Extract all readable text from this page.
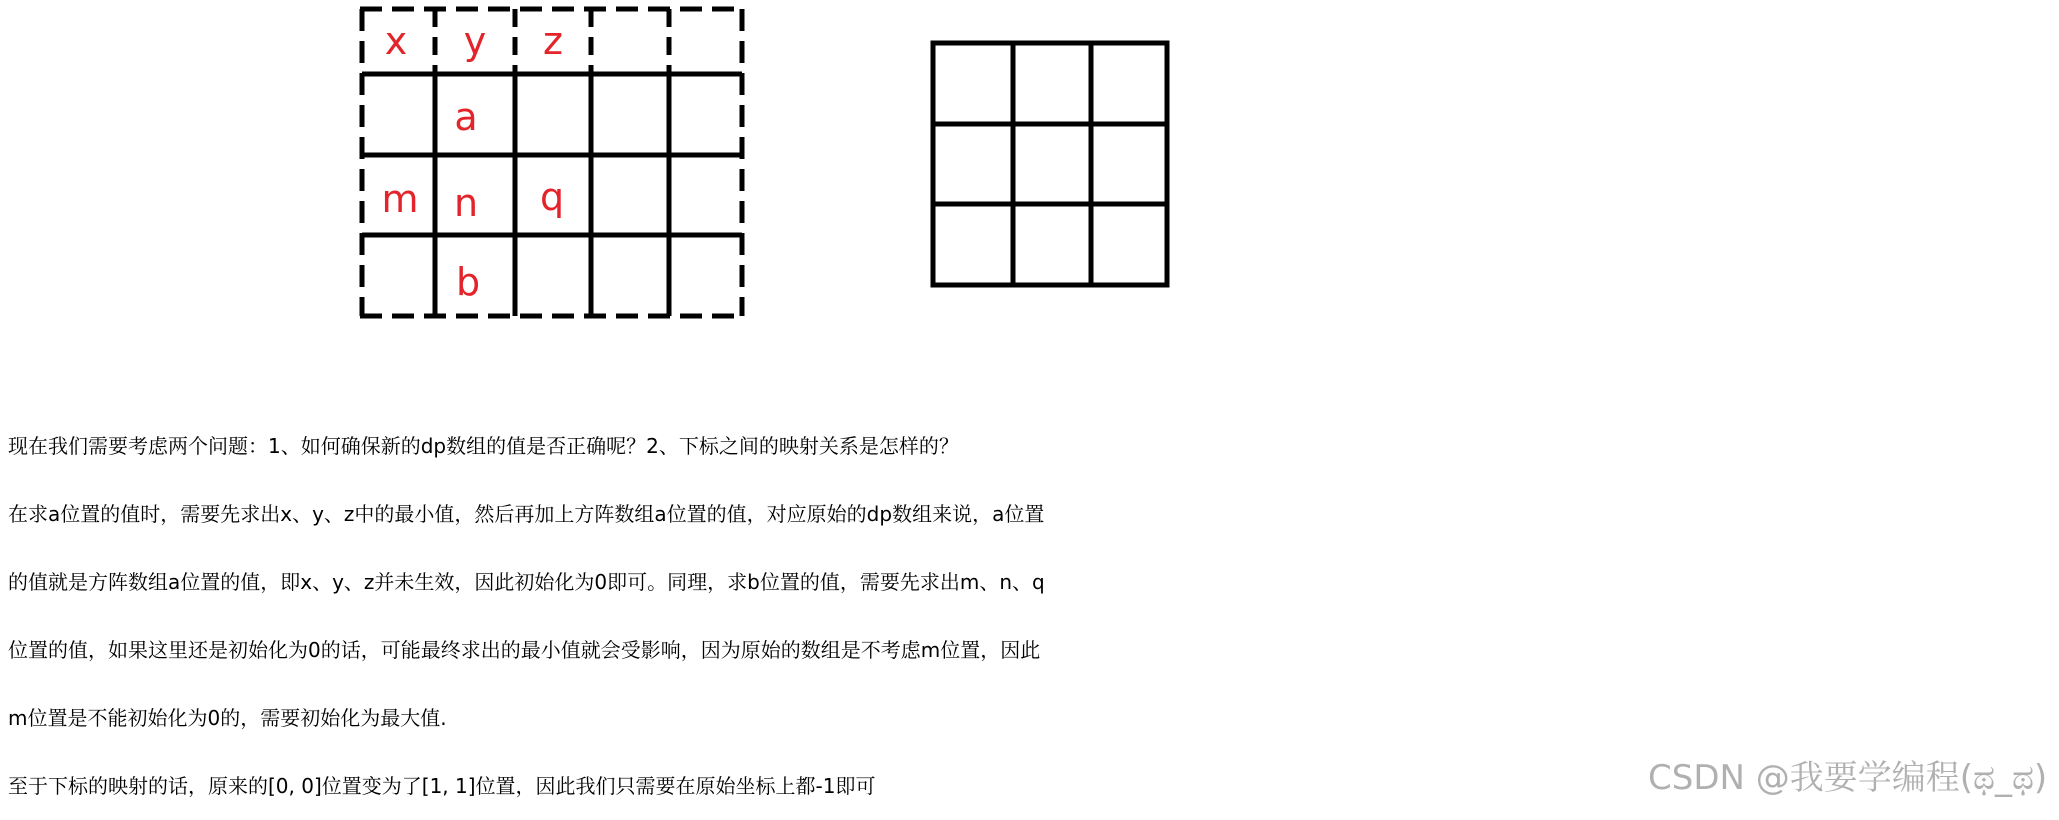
x y z
a
m n q
b
现在我们需要考虑两个问题：1、如何确保新的dp数组的值是否正确呢？2、下标之间的映射关系是怎样的？
在求a位置的值时，需要先求出x、y、z中的最小值，然后再加上方阵数组a位置的值，对应原始的dp数组来说，a位置
的值就是方阵数组a位置的值，即x、y、z并未生效，因此初始化为0即可。同理，求b位置的值，需要先求出m、n、q
位置的值，如果这里还是初始化为0的话，可能最终求出的最小值就会受影响，因为原始的数组是不考虑m位置，因此
m位置是不能初始化为0的，需要初始化为最大值.
至于下标的映射的话，原来的[0, 0]位置变为了[1, 1]位置，因此我们只需要在原始坐标上都-1即可	CSDN @我要学编程(ಥ_ಥ)
